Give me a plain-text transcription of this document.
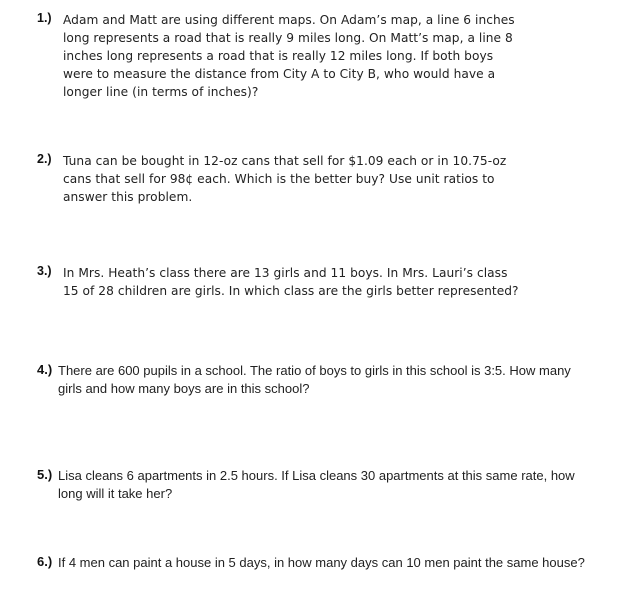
1.) Adam and Matt are using different maps. On Adam’s map, a line 6 inches
long represents a road that is really 9 miles long. On Matt’s map, a line 8
inches long represents a road that is really 12 miles long. If both boys
were to measure the distance from City A to City B, who would have a
longer line (in terms of inches)?

2.) Tuna can be bought in 12-oz cans that sell for $1.09 each or in 10.75-oz
cans that sell for 98¢ each. Which is the better buy? Use unit ratios to
answer this problem.

3.) In Mrs. Heath’s class there are 13 girls and 11 boys. In Mrs. Lauri’s class
15 of 28 children are girls. In which class are the girls better represented?

4.) There are 600 pupils in a school. The ratio of boys to girls in this school is 3:5. How many
girls and how many boys are in this school?

5.) Lisa cleans 6 apartments in 2.5 hours. If Lisa cleans 30 apartments at this same rate, how
long will it take her?

6.) If 4 men can paint a house in 5 days, in how many days can 10 men paint the same house?
